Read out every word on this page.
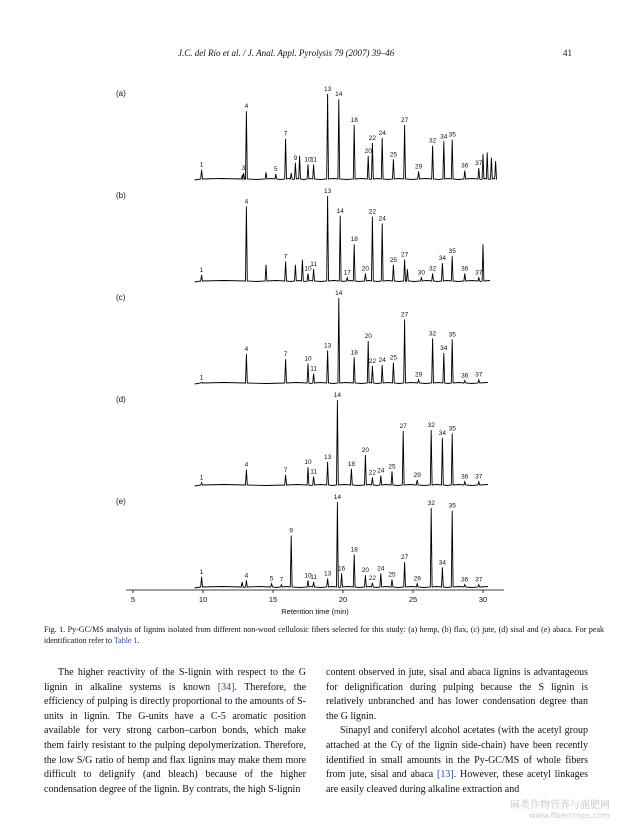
J.C. del Río et al. / J. Anal. Appl. Pyrolysis 79 (2007) 39–46	41
(a)
1	3
4
5
7
9 10
11
13
14
18
20
22
24
25
27
29
32
34 35
36 37
(b)
1
4
7
10
11
13
14
17
18
20
22
24
25
27
30
32
34
35
36
37
(c)
1
4
7
10
11
13
14
18
20
22 24 25
27
29
32
34
35
36 37
(d)
1
4
7
10
11
13
14
18
20
22 24
25
27
29
32
34
35
36 37
(e)
1	4	5 7
9
10
11 13
14
16
18
20
22
24
25
27
29
32
34
35
36 37
5	10	15	20	25	30
Retention time (min)
Fig. 1. Py-GC/MS analysis of lignins isolated from different non-wood cellulosic fibers selected for this study: (a) hemp, (b) flax, (c) jute, (d) sisal and (e) abaca. For peak identification refer to Table 1.

The higher reactivity of the S-lignin with respect to the G lignin in alkaline systems is known [34]. Therefore, the efficiency of pulping is directly proportional to the amounts of S-units in lignin. The G-units have a C-5 aromatic position available for very strong carbon–carbon bonds, which make them fairly resistant to the pulping depolymerization. Therefore, the low S/G ratio of hemp and flax lignins may make them more difficult to delignify (and bleach) because of the higher condensation degree of the lignin. By contrats, the high S-lignin

content observed in jute, sisal and abaca lignins is advantageous for delignification during pulping because the S lignin is relatively unbranched and has lower condensation degree than the G lignin.

Sinapyl and coniferyl alcohol acetates (with the acetyl group attached at the Cγ of the lignin side-chain) have been recently identified in small amounts in the Py-GC/MS of whole fibers from jute, sisal and abaca [13]. However, these acetyl linkages are easily cleaved during alkaline extraction and

麻类作物营养与施肥网
www.fibercrops.com
